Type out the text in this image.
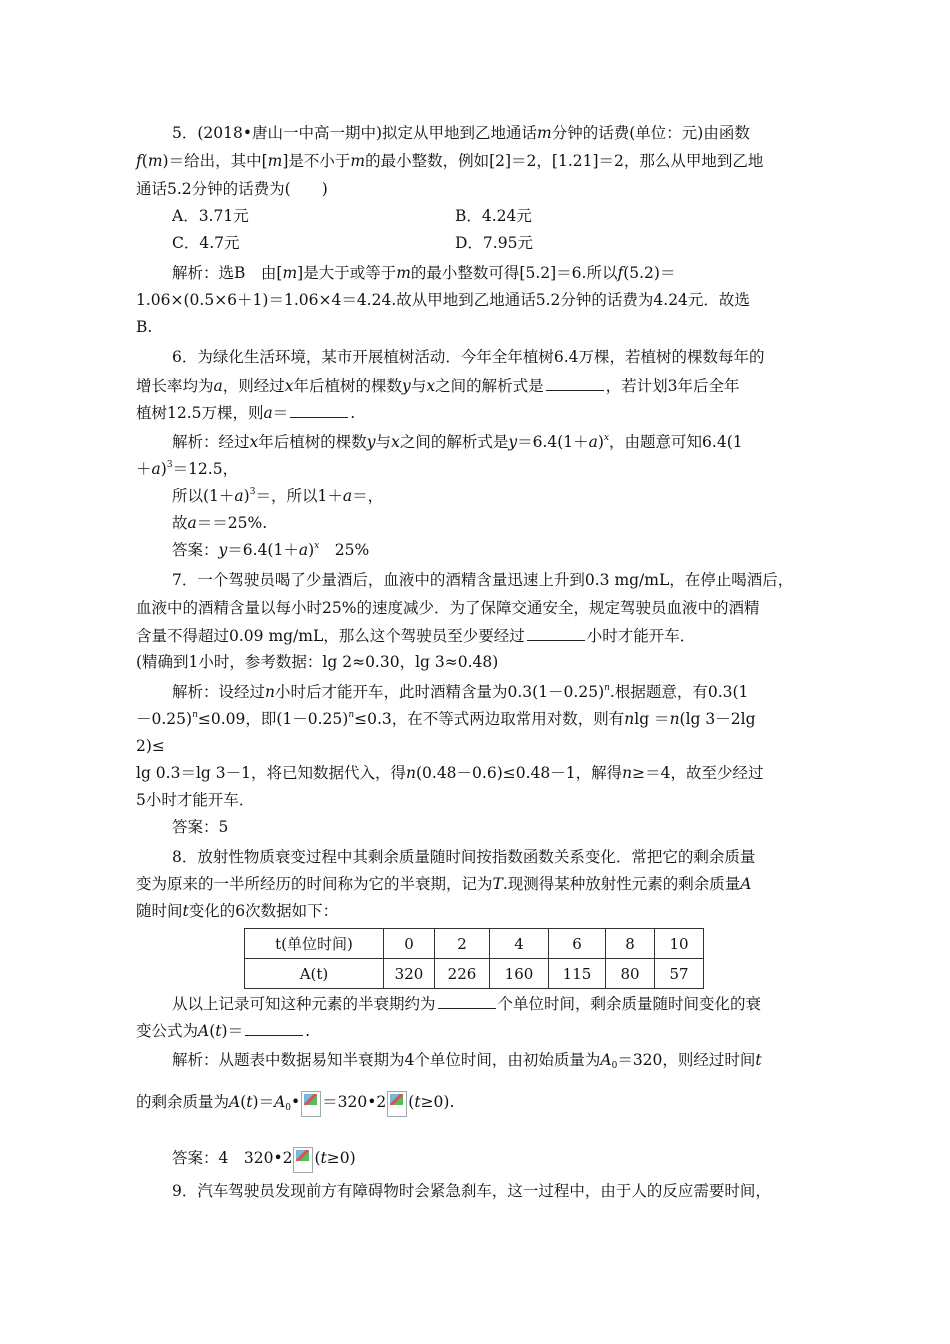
5．(2018•唐山一中高一期中)拟定从甲地到乙地通话m分钟的话费(单位：元)由函数
f(m)＝给出，其中[m]是不小于m的最小整数，例如[2]＝2，[1.21]＝2，那么从甲地到乙地
通话5.2分钟的话费为(　　)
A．3.71元	B．4.24元
C．4.7元	D．7.95元
解析：选B　由[m]是大于或等于m的最小整数可得[5.2]＝6.所以f(5.2)＝
1.06×(0.5×6＋1)＝1.06×4＝4.24.故从甲地到乙地通话5.2分钟的话费为4.24元．故选
B.
6．为绿化生活环境，某市开展植树活动．今年全年植树6.4万棵，若植树的棵数每年的
增长率均为a，则经过x年后植树的棵数y与x之间的解析式是	，若计划3年后全年
植树12.5万棵，则a＝	.
解析：经过x年后植树的棵数y与x之间的解析式是$y=6.4(1+a)^x$，由题意可知6.4(1
＋a)$^3$＝12.5，
所以$(1+a)^3=$，所以1＋a＝，
故a＝＝25%.
答案：$y=6.4(1+a)^x$　25%
7．一个驾驶员喝了少量酒后，血液中的酒精含量迅速上升到0.3 mg/mL，在停止喝酒后，
血液中的酒精含量以每小时25%的速度减少．为了保障交通安全，规定驾驶员血液中的酒精
含量不得超过0.09 mg/mL，那么这个驾驶员至少要经过	小时才能开车．
(精确到1小时，参考数据：lg 2≈0.30，lg 3≈0.48)
解析：设经过n小时后才能开车，此时酒精含量为$0.3(1-0.25)^n$.根据题意，有0.3(1
－0.25)$^n$≤0.09，即$(1-0.25)^n\le 0.3$，在不等式两边取常用对数，则有nlg ＝n(lg 3－2lg
2)≤
lg 0.3＝lg 3－1，将已知数据代入，得n(0.48－0.6)≤0.48－1，解得n≥＝4，故至少经过
5小时才能开车．
答案：5
8．放射性物质衰变过程中其剩余质量随时间按指数函数关系变化．常把它的剩余质量
变为原来的一半所经历的时间称为它的半衰期，记为T.现测得某种放射性元素的剩余质量A
随时间t变化的6次数据如下：
t(单位时间)	0	2	4	6	8	10
A(t)	320	226	160	115	80	57
从以上记录可知这种元素的半衰期约为	个单位时间，剩余质量随时间变化的衰
变公式为A(t)＝	.
解析：从题表中数据易知半衰期为4个单位时间，由初始质量为$A_0=320$，则经过时间t
的剩余质量为$A(t)=A_0•$ ＝320•2 (t≥0).
答案：4　320•2 (t≥0)
9．汽车驾驶员发现前方有障碍物时会紧急刹车，这一过程中，由于人的反应需要时间，
